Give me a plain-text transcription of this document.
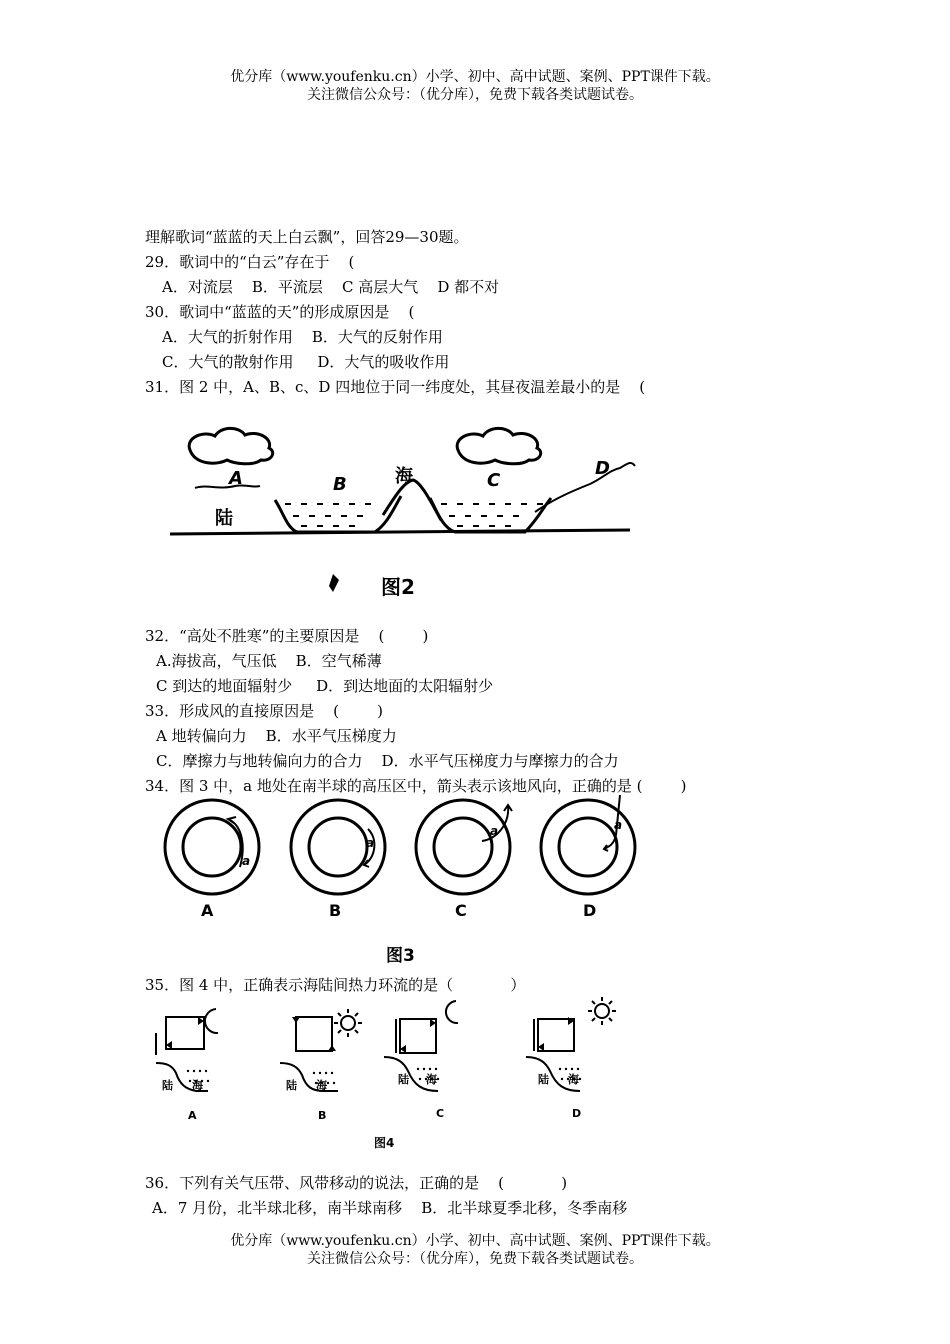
优分库（www.youfenku.cn）小学、初中、高中试题、案例、PPT课件下载。
关注微信公众号：（优分库），免费下载各类试题试卷。
理解歌词“蓝蓝的天上白云飘”，回答29—30题。
29．歌词中的“白云”存在于    (
A．对流层    B．平流层    C 高层大气    D 都不对
30．歌词中“蓝蓝的天”的形成原因是    (
A．大气的折射作用    B．大气的反射作用
C．大气的散射作用     D．大气的吸收作用
31．图 2 中，A、B、c、D 四地位于同一纬度处，其昼夜温差最小的是    (
A	B	C
D
陆
海
图2
32．“高处不胜寒”的主要原因是    (        )
A.海拔高，气压低    B．空气稀薄
C 到达的地面辐射少     D．到达地面的太阳辐射少
33．形成风的直接原因是    (        )
A 地转偏向力    B．水平气压梯度力
C．摩擦力与地转偏向力的合力    D．水平气压梯度力与摩擦力的合力
34．图 3 中，a 地处在南半球的高压区中，箭头表示该地风向，正确的是 (        )
a
a
a	a
A	B	C	D
图3
35．图 4 中，正确表示海陆间热力环流的是（            ）
陆 海	陆 海	陆 海	陆 海
A	B	C	D
图4
36．下列有关气压带、风带移动的说法，正确的是    (            )
A．7 月份，北半球北移，南半球南移    B．北半球夏季北移，冬季南移
优分库（www.youfenku.cn）小学、初中、高中试题、案例、PPT课件下载。
关注微信公众号：（优分库），免费下载各类试题试卷。
